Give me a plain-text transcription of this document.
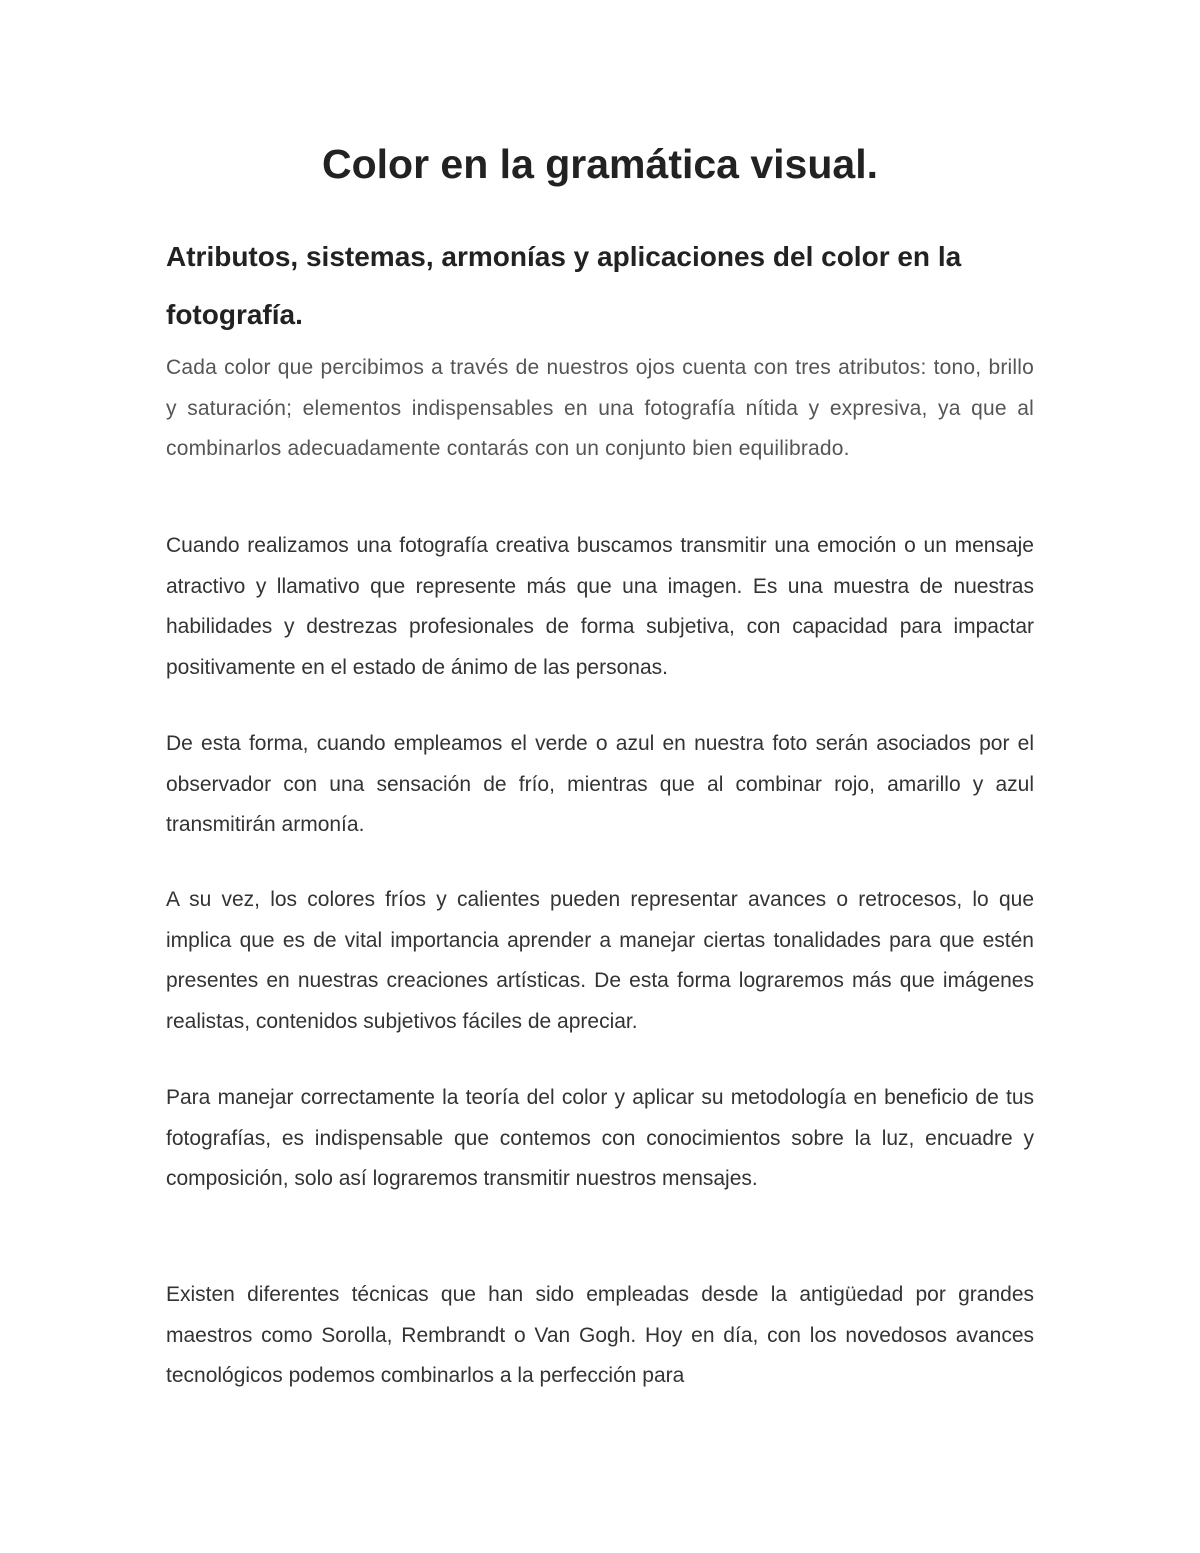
Color en la gramática visual.
Atributos, sistemas, armonías y aplicaciones del color en la fotografía.

Cada color que percibimos a través de nuestros ojos cuenta con tres atributos: tono, brillo y saturación; elementos indispensables en una fotografía nítida y expresiva, ya que al combinarlos adecuadamente contarás con un conjunto bien equilibrado.

Cuando realizamos una fotografía creativa buscamos transmitir una emoción o un mensaje atractivo y llamativo que represente más que una imagen. Es una muestra de nuestras habilidades y destrezas profesionales de forma subjetiva, con capacidad para impactar positivamente en el estado de ánimo de las personas.

De esta forma, cuando empleamos el verde o azul en nuestra foto serán asociados por el observador con una sensación de frío, mientras que al combinar rojo, amarillo y azul transmitirán armonía.

A su vez, los colores fríos y calientes pueden representar avances o retrocesos, lo que implica que es de vital importancia aprender a manejar ciertas tonalidades para que estén presentes en nuestras creaciones artísticas. De esta forma lograremos más que imágenes realistas, contenidos subjetivos fáciles de apreciar.

Para manejar correctamente la teoría del color y aplicar su metodología en beneficio de tus fotografías, es indispensable que contemos con conocimientos sobre la luz, encuadre y composición, solo así lograremos transmitir nuestros mensajes.

Existen diferentes técnicas que han sido empleadas desde la antigüedad por grandes maestros como Sorolla, Rembrandt o Van Gogh. Hoy en día, con los novedosos avances tecnológicos podemos combinarlos a la perfección para
